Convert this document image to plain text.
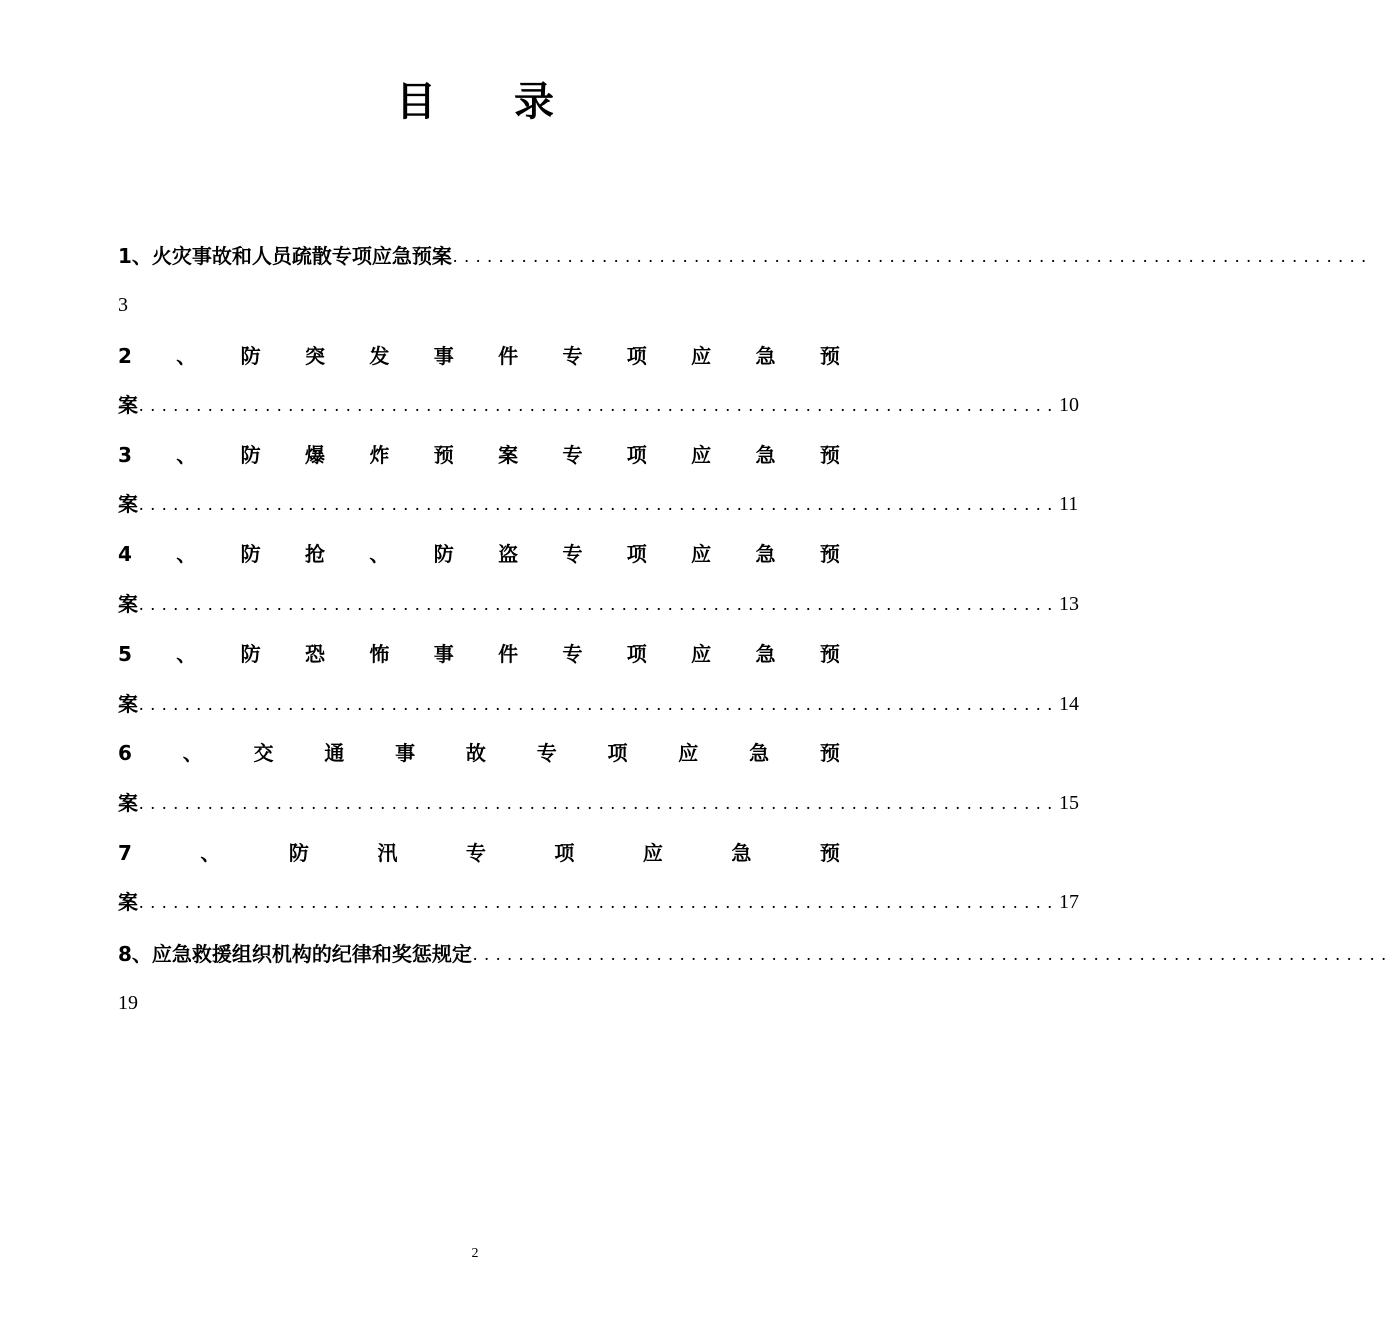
目 录
1、火灾事故和人员疏散专项应急预案 ................................................................................
3
2 、 防 突 发 事 件 专 项 应 急 预
案 ................................................................................ 10
3 、 防 爆 炸 预 案 专 项 应 急 预
案 ................................................................................ 11
4 、 防 抢 、 防 盗 专 项 应 急 预
案 ................................................................................ 13
5 、 防 恐 怖 事 件 专 项 应 急 预
案 ................................................................................ 14
6	、	交	通	事	故	专	项	应	急	预
案 ................................................................................ 15
7	、	防	汛	专	项	应	急	预
案 ................................................................................ 17
8、应急救援组织机构的纪律和奖惩规定 ................................................................................
19
2
